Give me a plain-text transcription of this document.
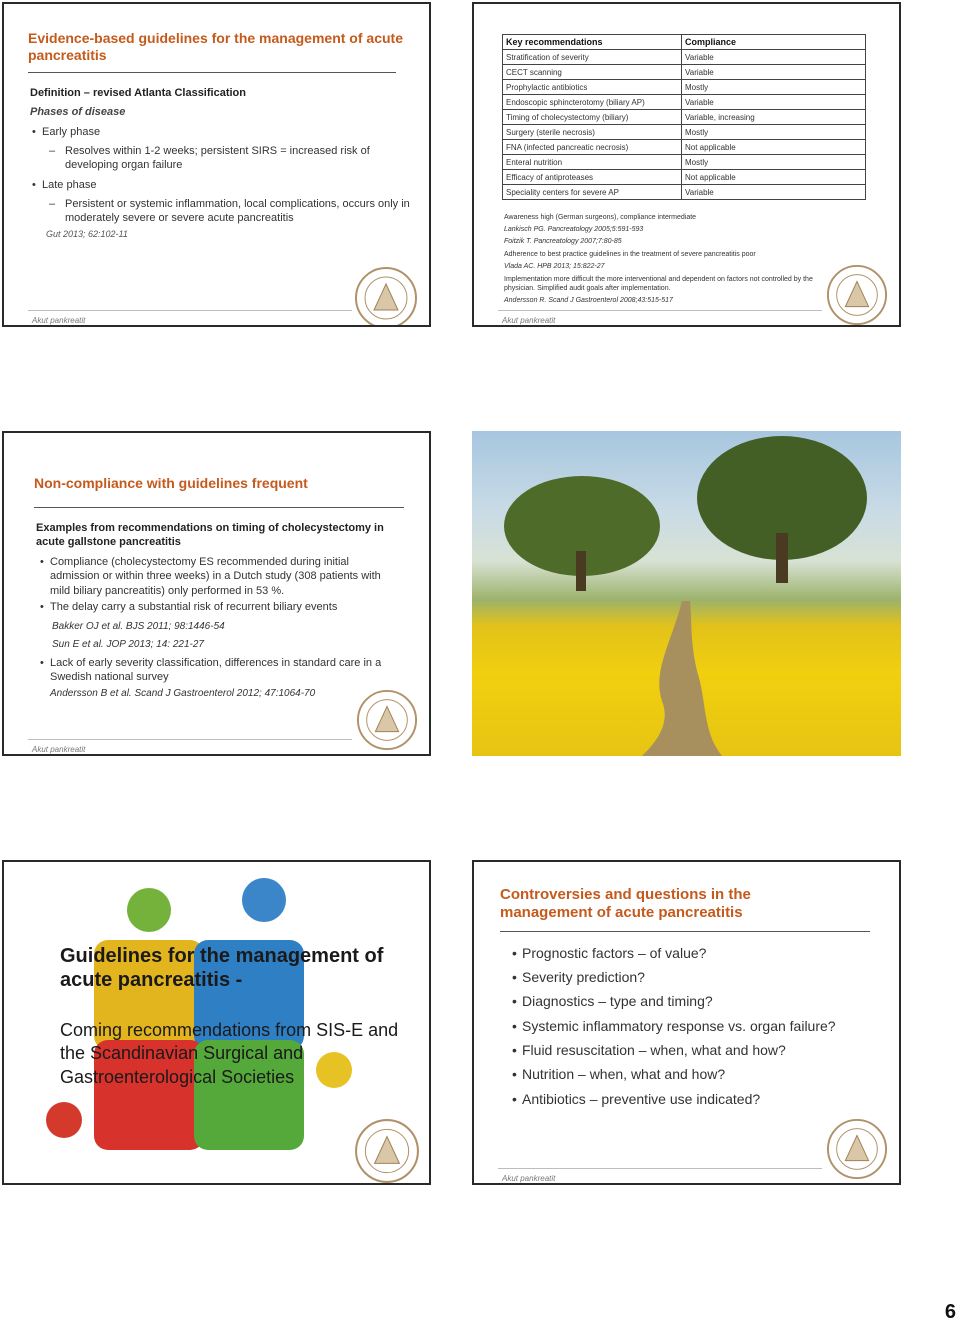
Evidence-based guidelines for the management of acute pancreatitis
Definition – revised Atlanta Classification
Phases of disease
• Early phase
– Resolves within 1-2 weeks; persistent SIRS = increased risk of developing organ failure
• Late phase
– Persistent or systemic inflammation, local complications, occurs only in moderately severe or severe acute pancreatitis
Gut 2013; 62:102-11
Akut pankreatit
Key recommendations	Compliance
Stratification of severity	Variable
CECT scanning	Variable
Prophylactic antibiotics	Mostly
Endoscopic sphincterotomy (biliary AP)	Variable
Timing of cholecystectomy (biliary)	Variable, increasing
Surgery (sterile necrosis)	Mostly
FNA (infected pancreatic necrosis)	Not applicable
Enteral nutrition	Mostly
Efficacy of antiproteases	Not applicable
Speciality centers for severe AP	Variable
Awareness high (German surgeons), compliance intermediate
Lankisch PG. Pancreatology 2005;5:591-593
Foitzik T. Pancreatology 2007;7:80-85
Adherence to best practice guidelines in the treatment of severe pancreatitis poor
Vlada AC. HPB 2013; 15:822-27
Implementation more difficult the more interventional and dependent on factors not controlled by the physician. Simplified audit goals after implementation.
Andersson R. Scand J Gastroenterol 2008;43:515-517
Akut pankreatit
Non-compliance with guidelines frequent
Examples from recommendations on timing of cholecystectomy in acute gallstone pancreatitis
• Compliance (cholecystectomy ES recommended during initial admission or within three weeks) in a Dutch study (308 patients with mild biliary pancreatitis) only performed in 53 %.
• The delay carry a substantial risk of recurrent biliary events
Bakker OJ et al. BJS 2011; 98:1446-54
Sun E et al. JOP 2013; 14: 221-27
• Lack of early severity classification, differences in standard care in a Swedish national survey
Andersson B et al. Scand J Gastroenterol 2012; 47:1064-70
Akut pankreatit
Guidelines for the management of acute pancreatitis -
Coming recommendations from SIS-E and the Scandinavian Surgical and Gastroenterological Societies
Controversies and questions in the management of acute pancreatitis
• Prognostic factors – of value?
• Severity prediction?
• Diagnostics – type and timing?
• Systemic inflammatory response vs. organ failure?
• Fluid resuscitation – when, what and how?
• Nutrition – when, what and how?
• Antibiotics – preventive use indicated?
Akut pankreatit
6
